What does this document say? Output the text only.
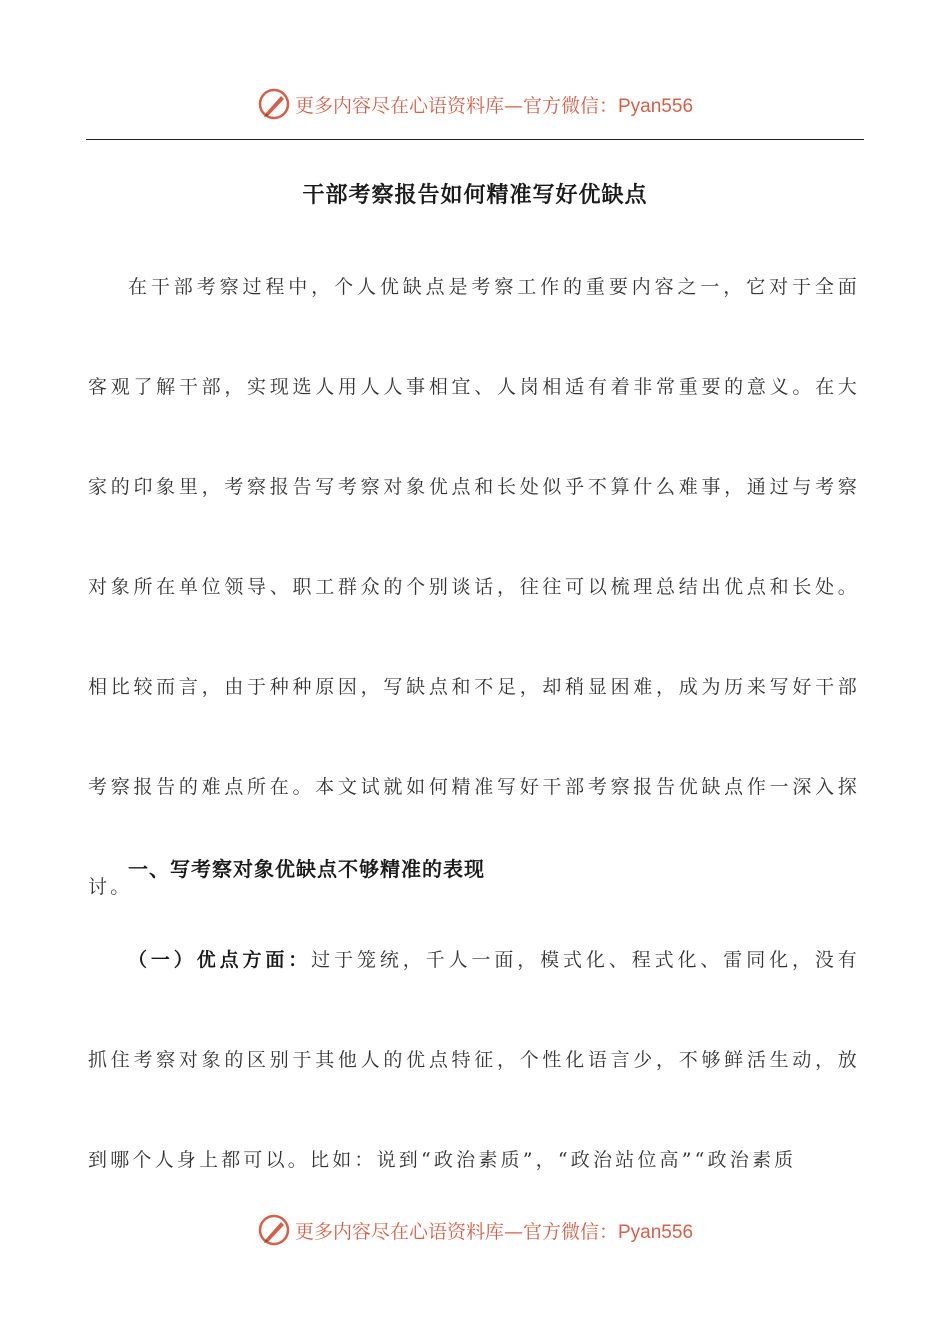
更多内容尽在心语资料库—官方微信：Pyan556
干部考察报告如何精准写好优缺点
在干部考察过程中，个人优缺点是考察工作的重要内容之一，它对于全面客观了解干部，实现选人用人人事相宜、人岗相适有着非常重要的意义。在大家的印象里，考察报告写考察对象优点和长处似乎不算什么难事，通过与考察对象所在单位领导、职工群众的个别谈话，往往可以梳理总结出优点和长处。相比较而言，由于种种原因，写缺点和不足，却稍显困难，成为历来写好干部考察报告的难点所在。本文试就如何精准写好干部考察报告优缺点作一深入探讨。
一、写考察对象优缺点不够精准的表现
（一）优点方面：过于笼统，千人一面，模式化、程式化、雷同化，没有抓住考察对象的区别于其他人的优点特征，个性化语言少，不够鲜活生动，放到哪个人身上都可以。比如：说到“政治素质”，“政治站位高”“政治素质
更多内容尽在心语资料库—官方微信：Pyan556
